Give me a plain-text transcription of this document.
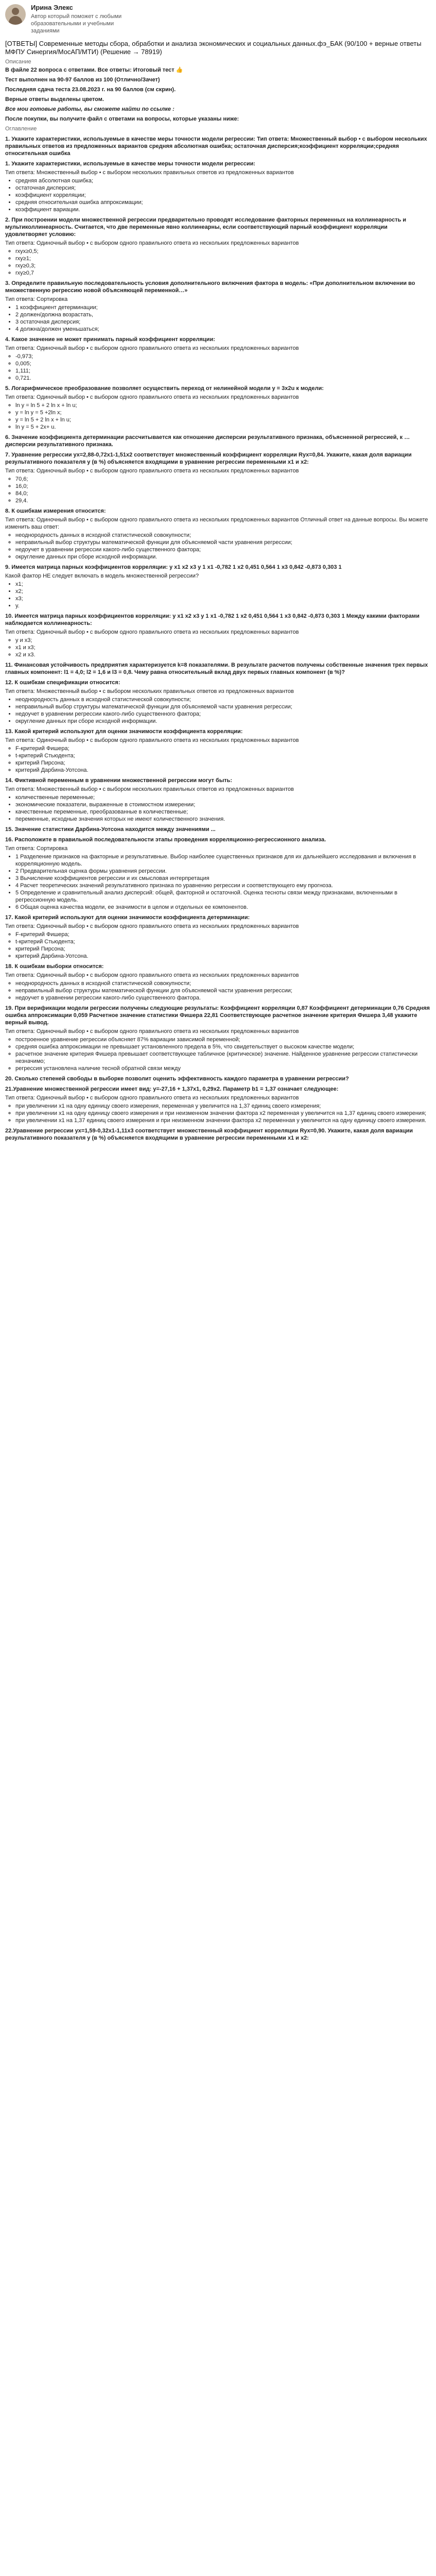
Ирина Элекс
Автор который поможет с любыми образовательными и учебными заданиями
[ОТВЕТЫ] Современные методы сбора, обработки и анализа экономических и социальных данных.фэ_БАК (90/100 + верные ответы МФПУ Синергия/МосАП/МТИ) (Решение → 78919)
Описание

В файле 22 вопроса с ответами. Все ответы: Итоговый тест 👍

Тест выполнен на 90-97 баллов из 100 (Отлично/Зачет)

Последняя сдача теста 23.08.2023 г. на 90 баллов (см скрин).

Верные ответы выделены цветом.

Все мои готовые работы, вы сможете найти по ссылке :

После покупки, вы получите файл с ответами на вопросы, которые указаны ниже:

Оглавление
1. Укажите характеристики, используемые в качестве меры точности модели регрессии: Тип ответа: Множественный выбор • с выбором нескольких правильных ответов из предложенных вариантов средняя абсолютная ошибка; остаточная дисперсия;коэффициент корреляции;средняя относительная ошибка
1. Укажите характеристики, используемые в качестве меры точности модели регрессии:
Тип ответа: Множественный выбор • с выбором нескольких правильных ответов из предложенных вариантов
• средняя абсолютная ошибка;
• остаточная дисперсия;
• коэффициент корреляции;
• средняя относительная ошибка аппроксимации;
• коэффициент вариации.
2. При построении модели множественной регрессии предварительно проводят исследование факторных переменных на коллинеарность и мультиколлинеарность. Считается, что две переменные явно коллинеарны, если соответствующий парный коэффициент корреляции удовлетворяет условию:
Тип ответа: Одиночный выбор • с выбором одного правильного ответа из нескольких предложенных вариантов
◦ rxyх≥0,5;
◦ rxy≥1;
◦ rxy≥0,3;
◦ rxy≥0,7
3. Определите правильную последовательность условия дополнительного включения фактора в модель: «При дополнительном включении во множественную регрессию новой объясняющей переменной…»
Тип ответа: Сортировка
• 1 коэффициент детерминации;
• 2 должен/должна возрастать,
• 3 остаточная дисперсия;
• 4 должна/должен уменьшаться;
4. Какое значение не может принимать парный коэффициент корреляции:
Тип ответа: Одиночный выбор • с выбором одного правильного ответа из нескольких предложенных вариантов
◦ -0,973;
◦ 0,005;
◦ 1,111;
◦ 0,721.
5. Логарифмическое преобразование позволяет осуществить переход от нелинейной модели y = 3x2u к модели:
Тип ответа: Одиночный выбор • с выбором одного правильного ответа из нескольких предложенных вариантов
◦ ln y = ln 5 + 2 ln x + ln u;
◦ y = ln y = 5 +2ln x;
◦ y = ln 5 + 2 ln x + ln u;
◦ ln y = 5 + 2x+ u.
6. Значение коэффициента детерминации рассчитывается как отношение дисперсии результативного признака, объясненной регрессией, к … дисперсии результативного признака.
7. Уравнение регрессии yx=2,88-0,72x1-1,51x2 соответствует множественный коэффициент корреляции Ryx=0,84. Укажите, какая доля вариации результативного показателя y (в %) объясняется входящими в уравнение регрессии переменными x1 и x2:
Тип ответа: Одиночный выбор • с выбором одного правильного ответа из нескольких предложенных вариантов
◦ 70,6;
◦ 16,0;
◦ 84,0;
◦ 29,4.
8. К ошибкам измерения относится:
Тип ответа: Одиночный выбор • с выбором одного правильного ответа из нескольких предложенных вариантов Отличный ответ на данные вопросы. Вы можете изменить ваш ответ:
◦ неоднородность данных в исходной статистической совокупности;
◦ неправильный выбор структуры математической функции для объясняемой части уравнения регрессии;
◦ недоучет в уравнении регрессии какого-либо существенного фактора;
◦ округление данных при сборе исходной информации.
9. Имеется матрица парных коэффициентов корреляции: y x1 x2 x3 y 1 x1 -0,782 1 x2 0,451 0,564 1 x3 0,842 -0,873 0,303 1
Какой фактор НЕ следует включать в модель множественной регрессии?
• x1;
• x2;
• x3;
• y.
10. Имеется матрица парных коэффициентов корреляции: y x1 x2 x3 y 1 x1 -0,782 1 x2 0,451 0,564 1 x3 0,842 -0,873 0,303 1 Между какими факторами наблюдается коллинеарность:
Тип ответа: Одиночный выбор • с выбором одного правильного ответа из нескольких предложенных вариантов
◦ y и x3;
◦ x1 и x3;
◦ x2 и x3.
11. Финансовая устойчивость предприятия характеризуется k=8 показателями. В результате расчетов получены собственные значения трех первых главных компонент: l1 = 4,0; l2 = 1,6 и l3 = 0,8. Чему равна относительный вклад двух первых главных компонент (в %)?
12. К ошибкам спецификации относится:
Тип ответа: Множественный выбор • с выбором нескольких правильных ответов из предложенных вариантов
• неоднородность данных в исходной статистической совокупности;
• неправильный выбор структуры математической функции для объясняемой части уравнения регрессии;
• недоучет в уравнении регрессии какого-либо существенного фактора;
• округление данных при сборе исходной информации.
13. Какой критерий используют для оценки значимости коэффициента корреляции:
Тип ответа: Одиночный выбор • с выбором одного правильного ответа из нескольких предложенных вариантов
◦ F-критерий Фишера;
◦ t-критерий Стьюдента;
◦ критерий Пирсона;
◦ критерий Дарбина-Уотсона.
14. Фиктивной переменным в уравнении множественной регрессии могут быть:
Тип ответа: Множественный выбор • с выбором нескольких правильных ответов из предложенных вариантов
• количественные переменные;
• экономические показатели, выраженные в стоимостном измерении;
• качественные переменные, преобразованные в количественные;
• переменные, исходные значения которых не имеют количественного значения.
15. Значение статистики Дарбина-Уотсона находится между значениями ...
16. Расположите в правильной последовательности этапы проведения корреляционно-регрессионного анализа.
Тип ответа: Сортировка
• 1 Разделение признаков на факторные и результативные. Выбор наиболее существенных признаков для их дальнейшего исследования и включения в корреляционную модель.
• 2 Предварительная оценка формы уравнения регрессии.
• 3 Вычисление коэффициентов регрессии и их смысловая интерпретация
• 4 Расчет теоретических значений результативного признака по уравнению регрессии и соответствующего ему прогноза.
• 5 Определение и сравнительный анализ дисперсий: общей, факторной и остаточной. Оценка тесноты связи между признаками, включенными в регрессионную модель.
• 6 Общая оценка качества модели, ее значимости в целом и отдельных ее компонентов.
17. Какой критерий используют для оценки значимости коэффициента детерминации:
Тип ответа: Одиночный выбор • с выбором одного правильного ответа из нескольких предложенных вариантов
◦ F-критерий Фишера;
◦ t-критерий Стьюдента;
◦ критерий Пирсона;
◦ критерий Дарбина-Уотсона.
18. К ошибкам выборки относится:
Тип ответа: Одиночный выбор • с выбором одного правильного ответа из нескольких предложенных вариантов
◦ неоднородность данных в исходной статистической совокупности;
◦ неправильный выбор структуры математической функции для объясняемой части уравнения регрессии;
◦ недоучет в уравнении регрессии какого-либо существенного фактора.
19. При верификации модели регрессии получены следующие результаты: Коэффициент корреляции 0,87 Коэффициент детерминации 0,76 Средняя ошибка аппроксимации 0,059 Расчетное значение статистики Фишера 22,81 Соответствующее расчетное значение критерия Фишера 3,48 укажите верный вывод.
Тип ответа: Одиночный выбор • с выбором одного правильного ответа из нескольких предложенных вариантов
◦ построенное уравнение регрессии объясняет 87% вариации зависимой переменной;
◦ средняя ошибка аппроксимации не превышает установленного предела в 5%, что свидетельствует о высоком качестве модели;
◦ расчетное значение критерия Фишера превышает соответствующее табличное (критическое) значение. Найденное уравнение регрессии статистически незначимо;
◦ регрессия установлена наличие тесной обратной связи между
20. Сколько степеней свободы в выборке позволит оценить эффективность каждого параметра в уравнении регрессии?
21.Уравнение множественной регрессии имеет вид: y=-27,16 + 1,37x1, 0,29x2. Параметр b1 = 1,37 означает следующее:
Тип ответа: Одиночный выбор • с выбором одного правильного ответа из нескольких предложенных вариантов
◦ при увеличении x1 на одну единицу своего измерения, переменная y увеличится на 1,37 единиц своего измерения;
◦ при увеличении x1 на одну единицу своего измерения и при неизменном значении фактора x2 переменная y увеличится на 1,37 единиц своего измерения;
◦ при увеличении x1 на 1,37 единиц своего измерения и при неизменном значении фактора x2 переменная y увеличится на одну единицу своего измерения.
22.Уравнение регрессии yx=1,59-0,32x1-1,11x3 соответствует множественный коэффициент корреляции Ryx=0,90. Укажите, какая доля вариации результативного показателя y (в %) объясняется входящими в уравнение регрессии переменными x1 и x2:
